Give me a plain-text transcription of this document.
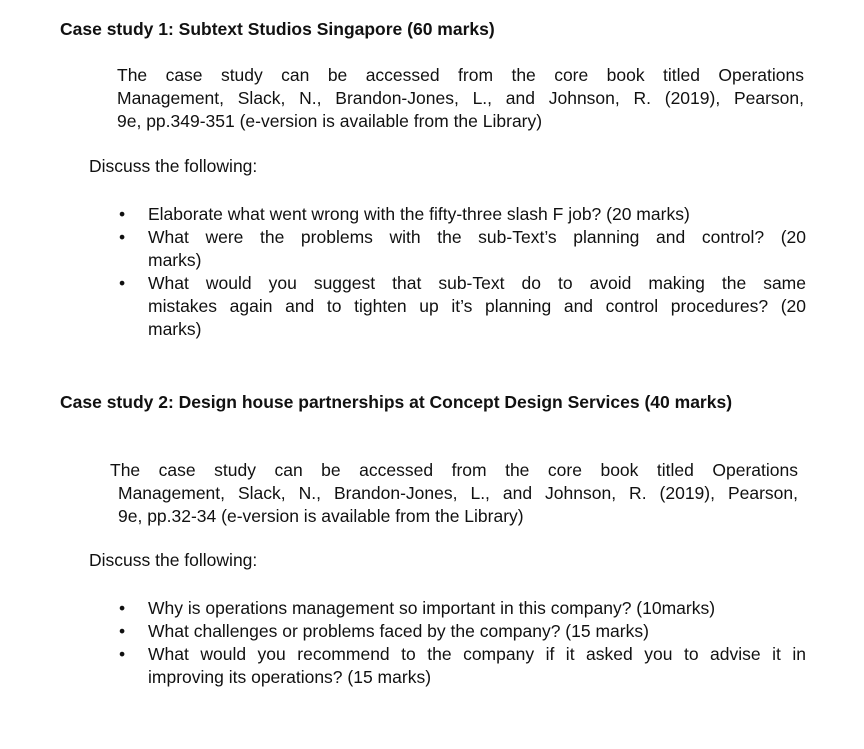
Case study 1: Subtext Studios Singapore (60 marks)
The case study can be accessed from the core book titled Operations
Management, Slack, N., Brandon-Jones, L., and Johnson, R. (2019), Pearson,
9e, pp.349-351 (e-version is available from the Library)
Discuss the following:
• Elaborate what went wrong with the fifty-three slash F job? (20 marks)
• What were the problems with the sub-Text’s planning and control? (20
marks)
• What would you suggest that sub-Text do to avoid making the same
mistakes again and to tighten up it’s planning and control procedures? (20
marks)
Case study 2: Design house partnerships at Concept Design Services (40 marks)
The case study can be accessed from the core book titled Operations
Management, Slack, N., Brandon-Jones, L., and Johnson, R. (2019), Pearson,
9e, pp.32-34 (e-version is available from the Library)
Discuss the following:
• Why is operations management so important in this company? (10marks)
• What challenges or problems faced by the company? (15 marks)
• What would you recommend to the company if it asked you to advise it in
improving its operations? (15 marks)
